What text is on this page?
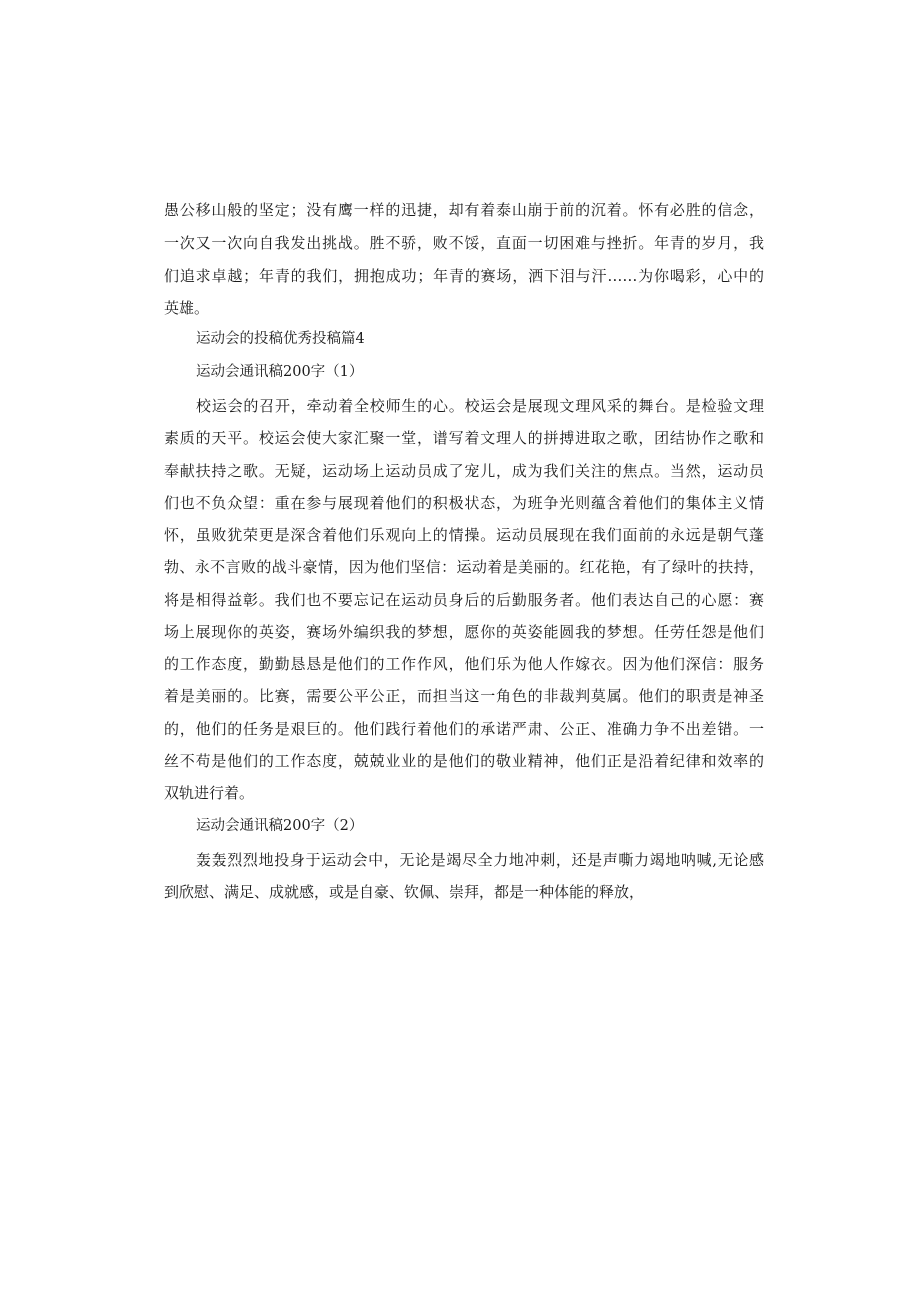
愚公移山般的坚定；没有鹰一样的迅捷，却有着泰山崩于前的沉着。怀有必胜的信念，
一次又一次向自我发出挑战。胜不骄，败不馁，直面一切困难与挫折。年青的岁月，我
们追求卓越；年青的我们，拥抱成功；年青的赛场，洒下泪与汗……为你喝彩，心中的
英雄。
运动会的投稿优秀投稿篇4
运动会通讯稿200字（1）
校运会的召开，牵动着全校师生的心。校运会是展现文理风采的舞台。是检验文理
素质的天平。校运会使大家汇聚一堂，谱写着文理人的拼搏进取之歌，团结协作之歌和
奉献扶持之歌。无疑，运动场上运动员成了宠儿，成为我们关注的焦点。当然，运动员
们也不负众望：重在参与展现着他们的积极状态，为班争光则蕴含着他们的集体主义情
怀，虽败犹荣更是深含着他们乐观向上的情操。运动员展现在我们面前的永远是朝气蓬
勃、永不言败的战斗豪情，因为他们坚信：运动着是美丽的。红花艳，有了绿叶的扶持，
将是相得益彰。我们也不要忘记在运动员身后的后勤服务者。他们表达自己的心愿：赛
场上展现你的英姿，赛场外编织我的梦想，愿你的英姿能圆我的梦想。任劳任怨是他们
的工作态度，勤勤恳恳是他们的工作作风，他们乐为他人作嫁衣。因为他们深信：服务
着是美丽的。比赛，需要公平公正，而担当这一角色的非裁判莫属。他们的职责是神圣
的，他们的任务是艰巨的。他们践行着他们的承诺严肃、公正、准确力争不出差错。一
丝不苟是他们的工作态度，兢兢业业的是他们的敬业精神，他们正是沿着纪律和效率的
双轨进行着。
运动会通讯稿200字（2）
轰轰烈烈地投身于运动会中，无论是竭尽全力地冲刺，还是声嘶力竭地呐喊,无论感
到欣慰、满足、成就感，或是自豪、钦佩、崇拜，都是一种体能的释放，
